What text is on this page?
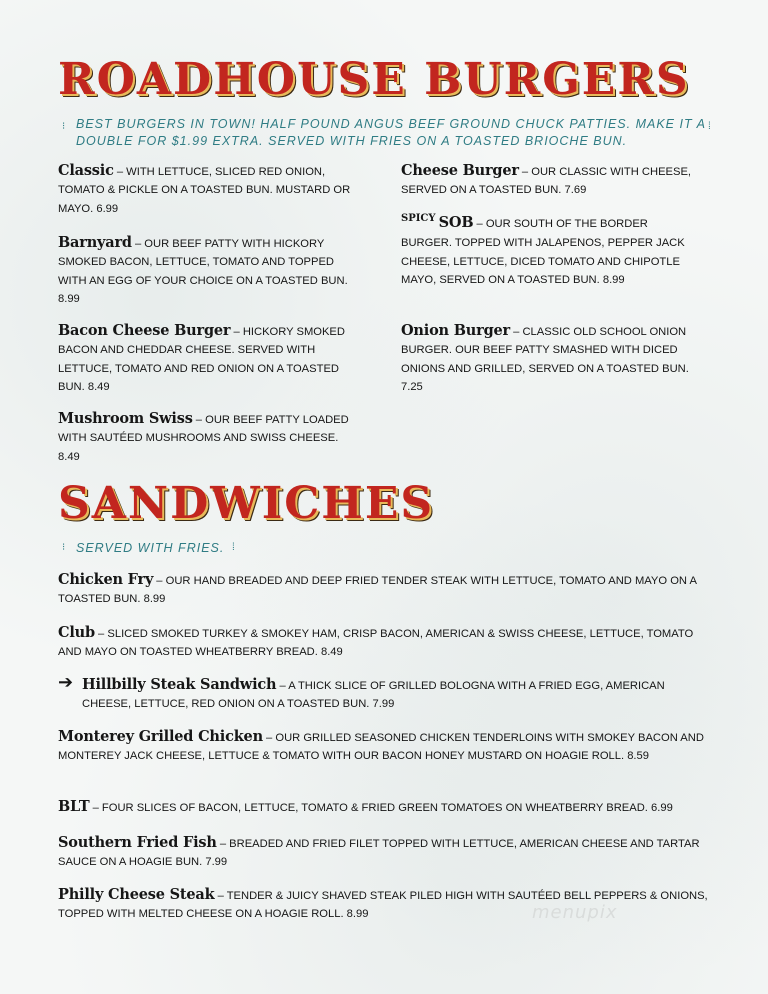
ROADHOUSE BURGERS
⁝ BEST BURGERS IN TOWN! HALF POUND ANGUS BEEF GROUND CHUCK PATTIES. MAKE IT A DOUBLE FOR $1.99 EXTRA. SERVED WITH FRIES ON A TOASTED BRIOCHE BUN.

⁞

Classic – WITH LETTUCE, SLICED RED ONION, TOMATO & PICKLE ON A TOASTED BUN. MUSTARD OR MAYO. 6.99

Barnyard – OUR BEEF PATTY WITH HICKORY SMOKED BACON, LETTUCE, TOMATO AND TOPPED WITH AN EGG OF YOUR CHOICE ON A TOASTED BUN. 8.99

Bacon Cheese Burger – HICKORY SMOKED BACON AND CHEDDAR CHEESE. SERVED WITH LETTUCE, TOMATO AND RED ONION ON A TOASTED BUN. 8.49

Mushroom Swiss – OUR BEEF PATTY LOADED WITH SAUTÉED MUSHROOMS AND SWISS CHEESE. 8.49

Cheese Burger – OUR CLASSIC WITH CHEESE, SERVED ON A TOASTED BUN. 7.69

SPICY SOB – OUR SOUTH OF THE BORDER BURGER. TOPPED WITH JALAPENOS, PEPPER JACK CHEESE, LETTUCE, DICED TOMATO AND CHIPOTLE MAYO, SERVED ON A TOASTED BUN. 8.99

Onion Burger – CLASSIC OLD SCHOOL ONION BURGER. OUR BEEF PATTY SMASHED WITH DICED ONIONS AND GRILLED, SERVED ON A TOASTED BUN. 7.25

SANDWICHES
⁝ SERVED WITH FRIES. ⁞

Chicken Fry – OUR HAND BREADED AND DEEP FRIED TENDER STEAK WITH LETTUCE, TOMATO AND MAYO ON A TOASTED BUN. 8.99

Club – SLICED SMOKED TURKEY & SMOKEY HAM, CRISP BACON, AMERICAN & SWISS CHEESE, LETTUCE, TOMATO AND MAYO ON TOASTED WHEATBERRY BREAD. 8.49

➔ Hillbilly Steak Sandwich – A THICK SLICE OF GRILLED BOLOGNA WITH A FRIED EGG, AMERICAN CHEESE, LETTUCE, RED ONION ON A TOASTED BUN. 7.99

Monterey Grilled Chicken – OUR GRILLED SEASONED CHICKEN TENDERLOINS WITH SMOKEY BACON AND MONTEREY JACK CHEESE, LETTUCE & TOMATO WITH OUR BACON HONEY MUSTARD ON HOAGIE ROLL. 8.59

BLT – FOUR SLICES OF BACON, LETTUCE, TOMATO & FRIED GREEN TOMATOES ON WHEATBERRY BREAD. 6.99

Southern Fried Fish – BREADED AND FRIED FILET TOPPED WITH LETTUCE, AMERICAN CHEESE AND TARTAR SAUCE ON A HOAGIE BUN. 7.99

Philly Cheese Steak – TENDER & JUICY SHAVED STEAK PILED HIGH WITH SAUTÉED BELL PEPPERS & ONIONS, TOPPED WITH MELTED CHEESE ON A HOAGIE ROLL. 8.99	menupix
